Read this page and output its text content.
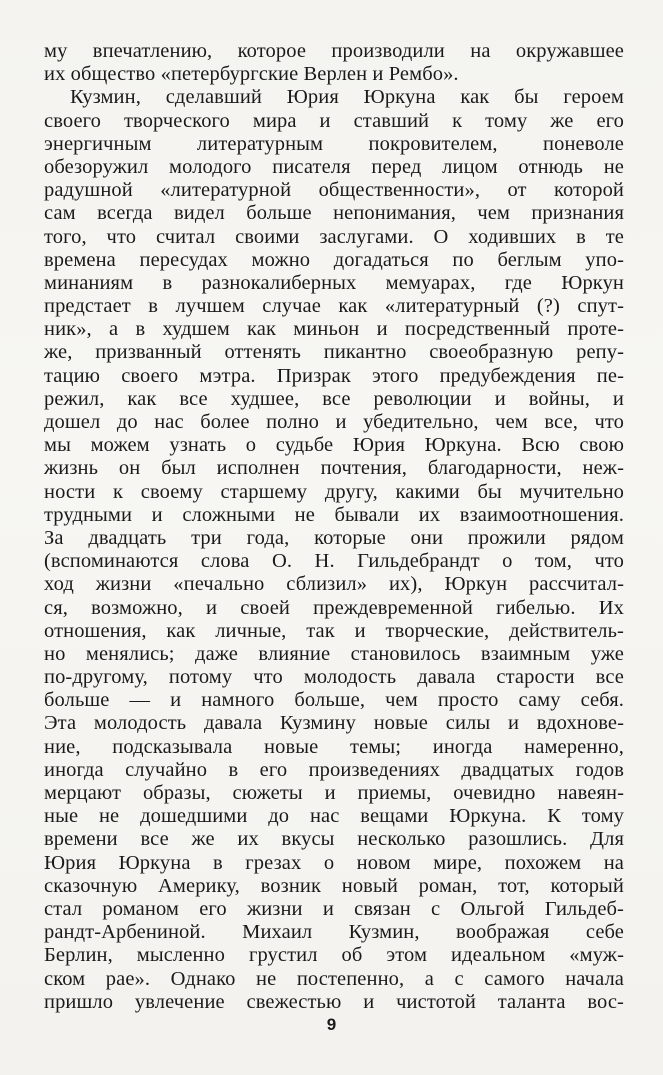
му впечатлению, которое производили на окружавшее
их общество «петербургские Верлен и Рембо».
Кузмин, сделавший Юрия Юркуна как бы героем
своего творческого мира и ставший к тому же его
энергичным литературным покровителем, поневоле
обезоружил молодого писателя перед лицом отнюдь не
радушной «литературной общественности», от которой
сам всегда видел больше непонимания, чем признания
того, что считал своими заслугами. О ходивших в те
времена пересудах можно догадаться по беглым упо-
минаниям в разнокалиберных мемуарах, где Юркун
предстает в лучшем случае как «литературный (?) спут-
ник», а в худшем как миньон и посредственный проте-
же, призванный оттенять пикантно своеобразную репу-
тацию своего мэтра. Призрак этого предубеждения пе-
режил, как все худшее, все революции и войны, и
дошел до нас более полно и убедительно, чем все, что
мы можем узнать о судьбе Юрия Юркуна. Всю свою
жизнь он был исполнен почтения, благодарности, неж-
ности к своему старшему другу, какими бы мучительно
трудными и сложными не бывали их взаимоотношения.
За двадцать три года, которые они прожили рядом
(вспоминаются слова О. Н. Гильдебрандт о том, что
ход жизни «печально сблизил» их), Юркун рассчитал-
ся, возможно, и своей преждевременной гибелью. Их
отношения, как личные, так и творческие, действитель-
но менялись; даже влияние становилось взаимным уже
по-другому, потому что молодость давала старости все
больше — и намного больше, чем просто саму себя.
Эта молодость давала Кузмину новые силы и вдохнове-
ние, подсказывала новые темы; иногда намеренно,
иногда случайно в его произведениях двадцатых годов
мерцают образы, сюжеты и приемы, очевидно навеян-
ные не дошедшими до нас вещами Юркуна. К тому
времени все же их вкусы несколько разошлись. Для
Юрия Юркуна в грезах о новом мире, похожем на
сказочную Америку, возник новый роман, тот, который
стал романом его жизни и связан с Ольгой Гильдеб-
рандт-Арбениной. Михаил Кузмин, воображая себе
Берлин, мысленно грустил об этом идеальном «муж-
ском рае». Однако не постепенно, а с самого начала
пришло увлечение свежестью и чистотой таланта вос-
9
